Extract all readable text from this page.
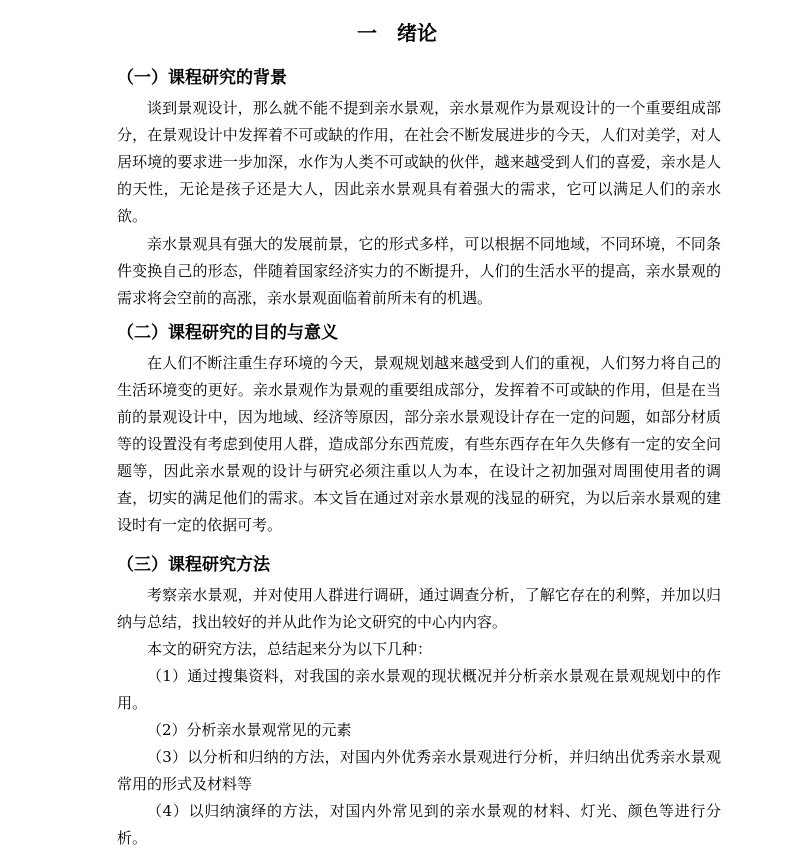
一　绪论
（一）课程研究的背景

谈到景观设计，那么就不能不提到亲水景观，亲水景观作为景观设计的一个重要组成部分，在景观设计中发挥着不可或缺的作用，在社会不断发展进步的今天，人们对美学，对人居环境的要求进一步加深，水作为人类不可或缺的伙伴，越来越受到人们的喜爱，亲水是人的天性，无论是孩子还是大人，因此亲水景观具有着强大的需求，它可以满足人们的亲水欲。

亲水景观具有强大的发展前景，它的形式多样，可以根据不同地域，不同环境，不同条件变换自己的形态，伴随着国家经济实力的不断提升，人们的生活水平的提高，亲水景观的需求将会空前的高涨，亲水景观面临着前所未有的机遇。

（二）课程研究的目的与意义

在人们不断注重生存环境的今天，景观规划越来越受到人们的重视，人们努力将自己的生活环境变的更好。亲水景观作为景观的重要组成部分，发挥着不可或缺的作用，但是在当前的景观设计中，因为地域、经济等原因，部分亲水景观设计存在一定的问题，如部分材质等的设置没有考虑到使用人群，造成部分东西荒废，有些东西存在年久失修有一定的安全问题等，因此亲水景观的设计与研究必须注重以人为本，在设计之初加强对周围使用者的调查，切实的满足他们的需求。本文旨在通过对亲水景观的浅显的研究，为以后亲水景观的建设时有一定的依据可考。

（三）课程研究方法

考察亲水景观，并对使用人群进行调研，通过调查分析，了解它存在的利弊，并加以归纳与总结，找出较好的并从此作为论文研究的中心内内容。

本文的研究方法，总结起来分为以下几种：

（1）通过搜集资料，对我国的亲水景观的现状概况并分析亲水景观在景观规划中的作用。

（2）分析亲水景观常见的元素

（3）以分析和归纳的方法，对国内外优秀亲水景观进行分析，并归纳出优秀亲水景观常用的形式及材料等

（4）以归纳演绎的方法，对国内外常见到的亲水景观的材料、灯光、颜色等进行分析。
